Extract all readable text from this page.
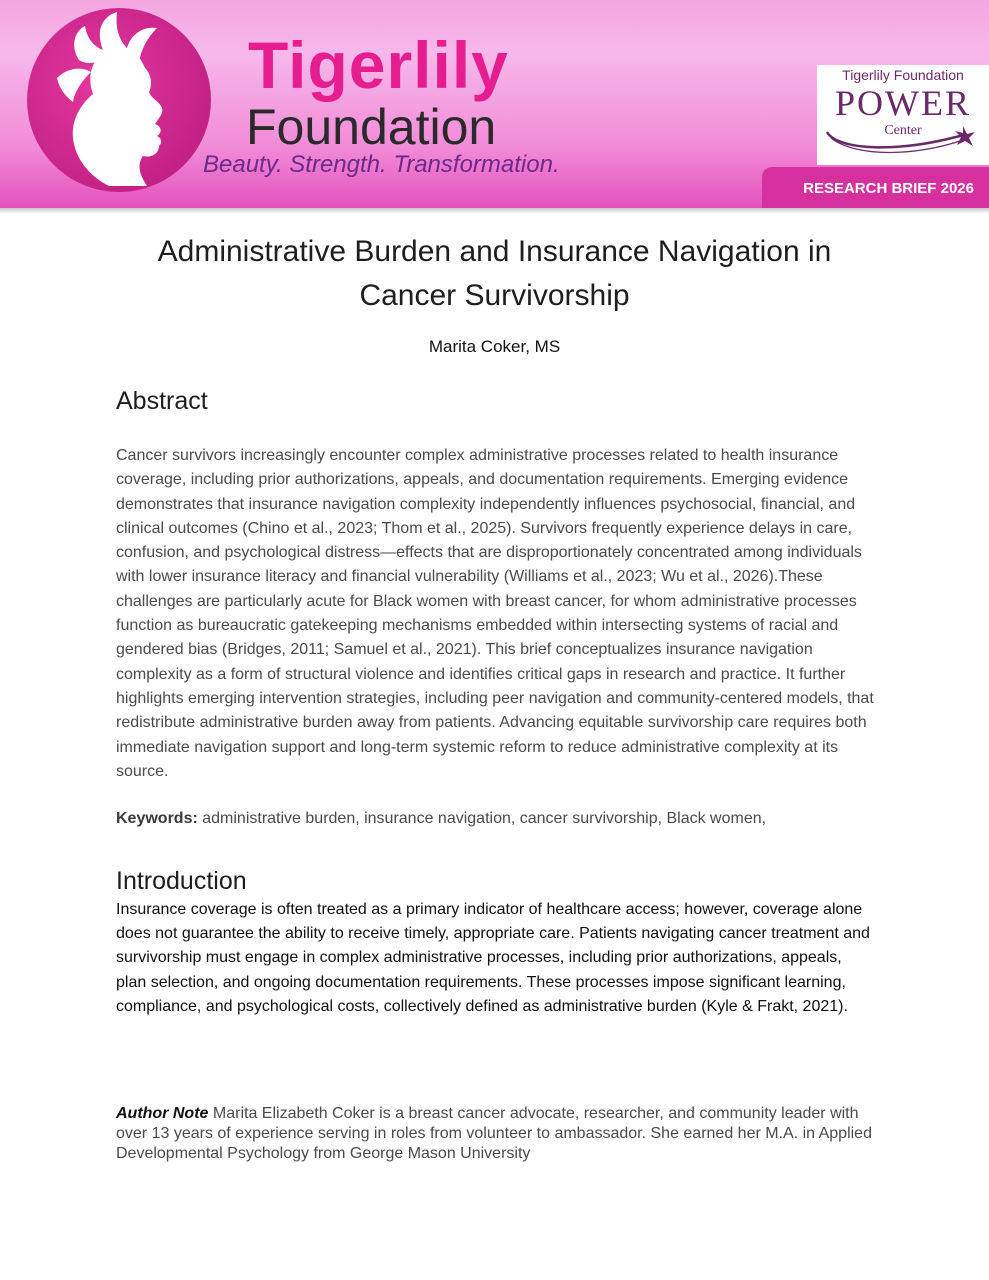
Tigerlily
Foundation
Beauty. Strength. Transformation.
Tigerlily Foundation
POWER
Center
RESEARCH BRIEF 2026
Administrative Burden and Insurance Navigation in Cancer Survivorship
Marita Coker, MS
Abstract
Cancer survivors increasingly encounter complex administrative processes related to health insurance coverage, including prior authorizations, appeals, and documentation requirements. Emerging evidence demonstrates that insurance navigation complexity independently influences psychosocial, financial, and clinical outcomes (Chino et al., 2023; Thom et al., 2025). Survivors frequently experience delays in care, confusion, and psychological distress—effects that are disproportionately concentrated among individuals with lower insurance literacy and financial vulnerability (Williams et al., 2023; Wu et al., 2026).These challenges are particularly acute for Black women with breast cancer, for whom administrative processes function as bureaucratic gatekeeping mechanisms embedded within intersecting systems of racial and gendered bias (Bridges, 2011; Samuel et al., 2021). This brief conceptualizes insurance navigation complexity as a form of structural violence and identifies critical gaps in research and practice. It further highlights emerging intervention strategies, including peer navigation and community-centered models, that redistribute administrative burden away from patients. Advancing equitable survivorship care requires both immediate navigation support and long-term systemic reform to reduce administrative complexity at its source.
Keywords: administrative burden, insurance navigation, cancer survivorship, Black women,
Introduction
Insurance coverage is often treated as a primary indicator of healthcare access; however, coverage alone does not guarantee the ability to receive timely, appropriate care. Patients navigating cancer treatment and survivorship must engage in complex administrative processes, including prior authorizations, appeals, plan selection, and ongoing documentation requirements. These processes impose significant learning, compliance, and psychological costs, collectively defined as administrative burden (Kyle & Frakt, 2021).
Author Note Marita Elizabeth Coker is a breast cancer advocate, researcher, and community leader with over 13 years of experience serving in roles from volunteer to ambassador. She earned her M.A. in Applied Developmental Psychology from George Mason University
